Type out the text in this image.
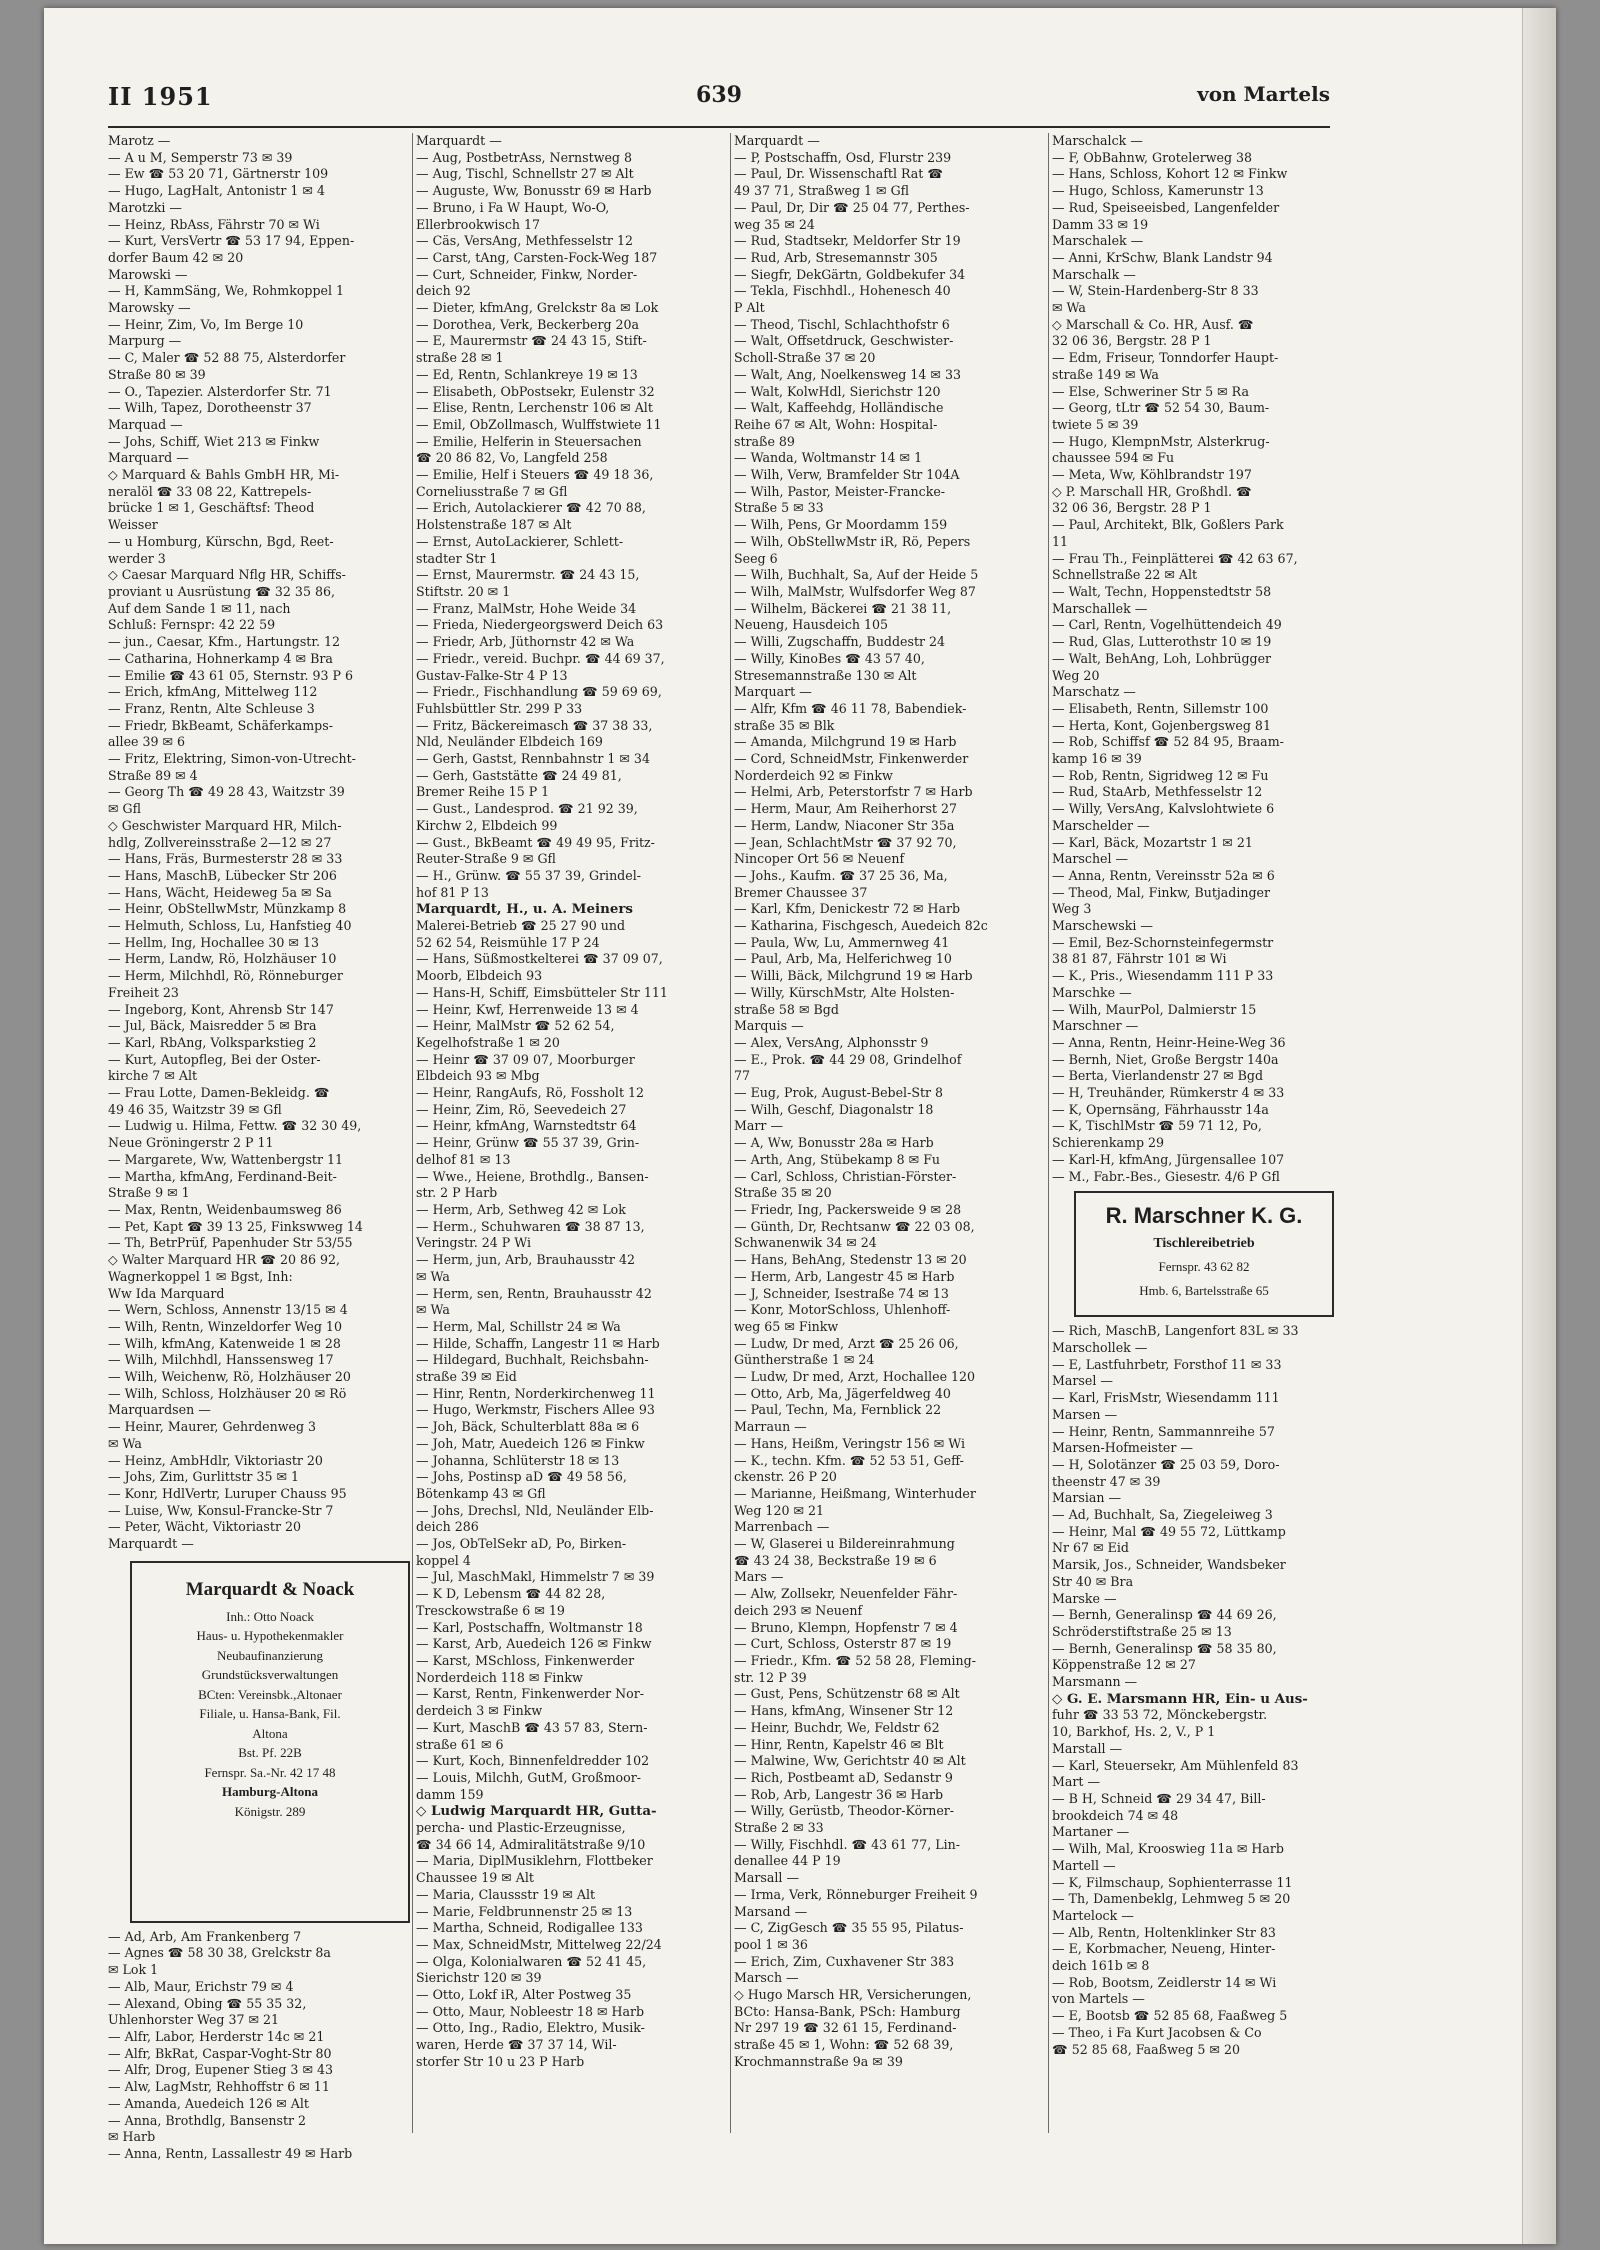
II 1951	639	von Martels
Marotz —
— A u M, Semperstr 73 ✉ 39
— Ew ☎ 53 20 71, Gärtnerstr 109
— Hugo, LagHalt, Antonistr 1 ✉ 4
Marotzki —
— Heinz, RbAss, Fährstr 70 ✉ Wi
— Kurt, VersVertr ☎ 53 17 94, Eppen-
dorfer Baum 42 ✉ 20
Marowski —
— H, KammSäng, We, Rohmkoppel 1
Marowsky —
— Heinr, Zim, Vo, Im Berge 10
Marpurg —
— C, Maler ☎ 52 88 75, Alsterdorfer
Straße 80 ✉ 39
— O., Tapezier. Alsterdorfer Str. 71
— Wilh, Tapez, Dorotheenstr 37
Marquad —
— Johs, Schiff, Wiet 213 ✉ Finkw
Marquard —
◇ Marquard & Bahls GmbH HR, Mi-
neralöl ☎ 33 08 22, Kattrepels-
brücke 1 ✉ 1, Geschäftsf: Theod
Weisser
— u Homburg, Kürschn, Bgd, Reet-
werder 3
◇ Caesar Marquard Nflg HR, Schiffs-
proviant u Ausrüstung ☎ 32 35 86,
Auf dem Sande 1 ✉ 11, nach
Schluß: Fernspr: 42 22 59
— jun., Caesar, Kfm., Hartungstr. 12
— Catharina, Hohnerkamp 4 ✉ Bra
— Emilie ☎ 43 61 05, Sternstr. 93 P 6
— Erich, kfmAng, Mittelweg 112
— Franz, Rentn, Alte Schleuse 3
— Friedr, BkBeamt, Schäferkamps-
allee 39 ✉ 6
— Fritz, Elektring, Simon-von-Utrecht-
Straße 89 ✉ 4
— Georg Th ☎ 49 28 43, Waitzstr 39
✉ Gfl
◇ Geschwister Marquard HR, Milch-
hdlg, Zollvereinsstraße 2—12 ✉ 27
— Hans, Fräs, Burmesterstr 28 ✉ 33
— Hans, MaschB, Lübecker Str 206
— Hans, Wächt, Heideweg 5a ✉ Sa
— Heinr, ObStellwMstr, Münzkamp 8
— Helmuth, Schloss, Lu, Hanfstieg 40
— Hellm, Ing, Hochallee 30 ✉ 13
— Herm, Landw, Rö, Holzhäuser 10
— Herm, Milchhdl, Rö, Rönneburger
Freiheit 23
— Ingeborg, Kont, Ahrensb Str 147
— Jul, Bäck, Maisredder 5 ✉ Bra
— Karl, RbAng, Volksparkstieg 2
— Kurt, Autopfleg, Bei der Oster-
kirche 7 ✉ Alt
— Frau Lotte, Damen-Bekleidg. ☎
49 46 35, Waitzstr 39 ✉ Gfl
— Ludwig u. Hilma, Fettw. ☎ 32 30 49,
Neue Gröningerstr 2 P 11
— Margarete, Ww, Wattenbergstr 11
— Martha, kfmAng, Ferdinand-Beit-
Straße 9 ✉ 1
— Max, Rentn, Weidenbaumsweg 86
— Pet, Kapt ☎ 39 13 25, Finkswweg 14
— Th, BetrPrüf, Papenhuder Str 53/55
◇ Walter Marquard HR ☎ 20 86 92,
Wagnerkoppel 1 ✉ Bgst, Inh:
Ww Ida Marquard
— Wern, Schloss, Annenstr 13/15 ✉ 4
— Wilh, Rentn, Winzeldorfer Weg 10
— Wilh, kfmAng, Katenweide 1 ✉ 28
— Wilh, Milchhdl, Hanssensweg 17
— Wilh, Weichenw, Rö, Holzhäuser 20
— Wilh, Schloss, Holzhäuser 20 ✉ Rö
Marquardsen —
— Heinr, Maurer, Gehrdenweg 3
✉ Wa
— Heinz, AmbHdlr, Viktoriastr 20
— Johs, Zim, Gurlittstr 35 ✉ 1
— Konr, HdlVertr, Luruper Chauss 95
— Luise, Ww, Konsul-Francke-Str 7
— Peter, Wächt, Viktoriastr 20
Marquardt —
Marquardt & Noack
Inh.: Otto Noack
Haus- u. Hypothekenmakler
Neubaufinanzierung
Grundstücksverwaltungen
BCten: Vereinsbk.,Altonaer
Filiale, u. Hansa-Bank, Fil.
Altona
Bst. Pf. 22B
Fernspr. Sa.-Nr. 42 17 48
Hamburg-Altona
Königstr. 289
— Ad, Arb, Am Frankenberg 7
— Agnes ☎ 58 30 38, Grelckstr 8a
✉ Lok 1
— Alb, Maur, Erichstr 79 ✉ 4
— Alexand, Obing ☎ 55 35 32,
Uhlenhorster Weg 37 ✉ 21
— Alfr, Labor, Herderstr 14c ✉ 21
— Alfr, BkRat, Caspar-Voght-Str 80
— Alfr, Drog, Eupener Stieg 3 ✉ 43
— Alw, LagMstr, Rehhoffstr 6 ✉ 11
— Amanda, Auedeich 126 ✉ Alt
— Anna, Brothdlg, Bansenstr 2
✉ Harb
— Anna, Rentn, Lassallestr 49 ✉ Harb
Marquardt —
— Aug, PostbetrAss, Nernstweg 8
— Aug, Tischl, Schnellstr 27 ✉ Alt
— Auguste, Ww, Bonusstr 69 ✉ Harb
— Bruno, i Fa W Haupt, Wo-O,
Ellerbrookwisch 17
— Cäs, VersAng, Methfesselstr 12
— Carst, tAng, Carsten-Fock-Weg 187
— Curt, Schneider, Finkw, Norder-
deich 92
— Dieter, kfmAng, Grelckstr 8a ✉ Lok
— Dorothea, Verk, Beckerberg 20a
— E, Maurermstr ☎ 24 43 15, Stift-
straße 28 ✉ 1
— Ed, Rentn, Schlankreye 19 ✉ 13
— Elisabeth, ObPostsekr, Eulenstr 32
— Elise, Rentn, Lerchenstr 106 ✉ Alt
— Emil, ObZollmasch, Wulffstwiete 11
— Emilie, Helferin in Steuersachen
☎ 20 86 82, Vo, Langfeld 258
— Emilie, Helf i Steuers ☎ 49 18 36,
Corneliusstraße 7 ✉ Gfl
— Erich, Autolackierer ☎ 42 70 88,
Holstenstraße 187 ✉ Alt
— Ernst, AutoLackierer, Schlett-
stadter Str 1
— Ernst, Maurermstr. ☎ 24 43 15,
Stiftstr. 20 ✉ 1
— Franz, MalMstr, Hohe Weide 34
— Frieda, Niedergeorgswerd Deich 63
— Friedr, Arb, Jüthornstr 42 ✉ Wa
— Friedr., vereid. Buchpr. ☎ 44 69 37,
Gustav-Falke-Str 4 P 13
— Friedr., Fischhandlung ☎ 59 69 69,
Fuhlsbüttler Str. 299 P 33
— Fritz, Bäckereimasch ☎ 37 38 33,
Nld, Neuländer Elbdeich 169
— Gerh, Gastst, Rennbahnstr 1 ✉ 34
— Gerh, Gaststätte ☎ 24 49 81,
Bremer Reihe 15 P 1
— Gust., Landesprod. ☎ 21 92 39,
Kirchw 2, Elbdeich 99
— Gust., BkBeamt ☎ 49 49 95, Fritz-
Reuter-Straße 9 ✉ Gfl
— H., Grünw. ☎ 55 37 39, Grindel-
hof 81 P 13
Marquardt, H., u. A. Meiners
Malerei-Betrieb ☎ 25 27 90 und
52 62 54, Reismühle 17 P 24
— Hans, Süßmostkelterei ☎ 37 09 07,
Moorb, Elbdeich 93
— Hans-H, Schiff, Eimsbütteler Str 111
— Heinr, Kwf, Herrenweide 13 ✉ 4
— Heinr, MalMstr ☎ 52 62 54,
Kegelhofstraße 1 ✉ 20
— Heinr ☎ 37 09 07, Moorburger
Elbdeich 93 ✉ Mbg
— Heinr, RangAufs, Rö, Fossholt 12
— Heinr, Zim, Rö, Seevedeich 27
— Heinr, kfmAng, Warnstedtstr 64
— Heinr, Grünw ☎ 55 37 39, Grin-
delhof 81 ✉ 13
— Wwe., Heiene, Brothdlg., Bansen-
str. 2 P Harb
— Herm, Arb, Sethweg 42 ✉ Lok
— Herm., Schuhwaren ☎ 38 87 13,
Veringstr. 24 P Wi
— Herm, jun, Arb, Brauhausstr 42
✉ Wa
— Herm, sen, Rentn, Brauhausstr 42
✉ Wa
— Herm, Mal, Schillstr 24 ✉ Wa
— Hilde, Schaffn, Langestr 11 ✉ Harb
— Hildegard, Buchhalt, Reichsbahn-
straße 39 ✉ Eid
— Hinr, Rentn, Norderkirchenweg 11
— Hugo, Werkmstr, Fischers Allee 93
— Joh, Bäck, Schulterblatt 88a ✉ 6
— Joh, Matr, Auedeich 126 ✉ Finkw
— Johanna, Schlüterstr 18 ✉ 13
— Johs, Postinsp aD ☎ 49 58 56,
Bötenkamp 43 ✉ Gfl
— Johs, Drechsl, Nld, Neuländer Elb-
deich 286
— Jos, ObTelSekr aD, Po, Birken-
koppel 4
— Jul, MaschMakl, Himmelstr 7 ✉ 39
— K D, Lebensm ☎ 44 82 28,
Tresckowstraße 6 ✉ 19
— Karl, Postschaffn, Woltmanstr 18
— Karst, Arb, Auedeich 126 ✉ Finkw
— Karst, MSchloss, Finkenwerder
Norderdeich 118 ✉ Finkw
— Karst, Rentn, Finkenwerder Nor-
derdeich 3 ✉ Finkw
— Kurt, MaschB ☎ 43 57 83, Stern-
straße 61 ✉ 6
— Kurt, Koch, Binnenfeldredder 102
— Louis, Milchh, GutM, Großmoor-
damm 159
◇ Ludwig Marquardt HR, Gutta-
percha- und Plastic-Erzeugnisse,
☎ 34 66 14, Admiralitätstraße 9/10
— Maria, DiplMusiklehrn, Flottbeker
Chaussee 19 ✉ Alt
— Maria, Claussstr 19 ✉ Alt
— Marie, Feldbrunnenstr 25 ✉ 13
— Martha, Schneid, Rodigallee 133
— Max, SchneidMstr, Mittelweg 22/24
— Olga, Kolonialwaren ☎ 52 41 45,
Sierichstr 120 ✉ 39
— Otto, Lokf iR, Alter Postweg 35
— Otto, Maur, Nobleestr 18 ✉ Harb
— Otto, Ing., Radio, Elektro, Musik-
waren, Herde ☎ 37 37 14, Wil-
storfer Str 10 u 23 P Harb
Marquardt —
— P, Postschaffn, Osd, Flurstr 239
— Paul, Dr. Wissenschaftl Rat ☎
49 37 71, Straßweg 1 ✉ Gfl
— Paul, Dr, Dir ☎ 25 04 77, Perthes-
weg 35 ✉ 24
— Rud, Stadtsekr, Meldorfer Str 19
— Rud, Arb, Stresemannstr 305
— Siegfr, DekGärtn, Goldbekufer 34
— Tekla, Fischhdl., Hohenesch 40
P Alt
— Theod, Tischl, Schlachthofstr 6
— Walt, Offsetdruck, Geschwister-
Scholl-Straße 37 ✉ 20
— Walt, Ang, Noelkensweg 14 ✉ 33
— Walt, KolwHdl, Sierichstr 120
— Walt, Kaffeehdg, Holländische
Reihe 67 ✉ Alt, Wohn: Hospital-
straße 89
— Wanda, Woltmanstr 14 ✉ 1
— Wilh, Verw, Bramfelder Str 104A
— Wilh, Pastor, Meister-Francke-
Straße 5 ✉ 33
— Wilh, Pens, Gr Moordamm 159
— Wilh, ObStellwMstr iR, Rö, Pepers
Seeg 6
— Wilh, Buchhalt, Sa, Auf der Heide 5
— Wilh, MalMstr, Wulfsdorfer Weg 87
— Wilhelm, Bäckerei ☎ 21 38 11,
Neueng, Hausdeich 105
— Willi, Zugschaffn, Buddestr 24
— Willy, KinoBes ☎ 43 57 40,
Stresemannstraße 130 ✉ Alt
Marquart —
— Alfr, Kfm ☎ 46 11 78, Babendiek-
straße 35 ✉ Blk
— Amanda, Milchgrund 19 ✉ Harb
— Cord, SchneidMstr, Finkenwerder
Norderdeich 92 ✉ Finkw
— Helmi, Arb, Peterstorfstr 7 ✉ Harb
— Herm, Maur, Am Reiherhorst 27
— Herm, Landw, Niaconer Str 35a
— Jean, SchlachtMstr ☎ 37 92 70,
Nincoper Ort 56 ✉ Neuenf
— Johs., Kaufm. ☎ 37 25 36, Ma,
Bremer Chaussee 37
— Karl, Kfm, Denickestr 72 ✉ Harb
— Katharina, Fischgesch, Auedeich 82c
— Paula, Ww, Lu, Ammernweg 41
— Paul, Arb, Ma, Helferichweg 10
— Willi, Bäck, Milchgrund 19 ✉ Harb
— Willy, KürschMstr, Alte Holsten-
straße 58 ✉ Bgd
Marquis —
— Alex, VersAng, Alphonsstr 9
— E., Prok. ☎ 44 29 08, Grindelhof
77
— Eug, Prok, August-Bebel-Str 8
— Wilh, Geschf, Diagonalstr 18
Marr —
— A, Ww, Bonusstr 28a ✉ Harb
— Arth, Ang, Stübekamp 8 ✉ Fu
— Carl, Schloss, Christian-Förster-
Straße 35 ✉ 20
— Friedr, Ing, Packersweide 9 ✉ 28
— Günth, Dr, Rechtsanw ☎ 22 03 08,
Schwanenwik 34 ✉ 24
— Hans, BehAng, Stedenstr 13 ✉ 20
— Herm, Arb, Langestr 45 ✉ Harb
— J, Schneider, Isestraße 74 ✉ 13
— Konr, MotorSchloss, Uhlenhoff-
weg 65 ✉ Finkw
— Ludw, Dr med, Arzt ☎ 25 26 06,
Güntherstraße 1 ✉ 24
— Ludw, Dr med, Arzt, Hochallee 120
— Otto, Arb, Ma, Jägerfeldweg 40
— Paul, Techn, Ma, Fernblick 22
Marraun —
— Hans, Heißm, Veringstr 156 ✉ Wi
— K., techn. Kfm. ☎ 52 53 51, Geff-
ckenstr. 26 P 20
— Marianne, Heißmang, Winterhuder
Weg 120 ✉ 21
Marrenbach —
— W, Glaserei u Bildereinrahmung
☎ 43 24 38, Beckstraße 19 ✉ 6
Mars —
— Alw, Zollsekr, Neuenfelder Fähr-
deich 293 ✉ Neuenf
— Bruno, Klempn, Hopfenstr 7 ✉ 4
— Curt, Schloss, Osterstr 87 ✉ 19
— Friedr., Kfm. ☎ 52 58 28, Fleming-
str. 12 P 39
— Gust, Pens, Schützenstr 68 ✉ Alt
— Hans, kfmAng, Winsener Str 12
— Heinr, Buchdr, We, Feldstr 62
— Hinr, Rentn, Kapelstr 46 ✉ Blt
— Malwine, Ww, Gerichtstr 40 ✉ Alt
— Rich, Postbeamt aD, Sedanstr 9
— Rob, Arb, Langestr 36 ✉ Harb
— Willy, Gerüstb, Theodor-Körner-
Straße 2 ✉ 33
— Willy, Fischhdl. ☎ 43 61 77, Lin-
denallee 44 P 19
Marsall —
— Irma, Verk, Rönneburger Freiheit 9
Marsand —
— C, ZigGesch ☎ 35 55 95, Pilatus-
pool 1 ✉ 36
— Erich, Zim, Cuxhavener Str 383
Marsch —
◇ Hugo Marsch HR, Versicherungen,
BCto: Hansa-Bank, PSch: Hamburg
Nr 297 19 ☎ 32 61 15, Ferdinand-
straße 45 ✉ 1, Wohn: ☎ 52 68 39,
Krochmannstraße 9a ✉ 39
Marschalck —
— F, ObBahnw, Grotelerweg 38
— Hans, Schloss, Kohort 12 ✉ Finkw
— Hugo, Schloss, Kamerunstr 13
— Rud, Speiseeisbed, Langenfelder
Damm 33 ✉ 19
Marschalek —
— Anni, KrSchw, Blank Landstr 94
Marschalk —
— W, Stein-Hardenberg-Str 8 33
✉ Wa
◇ Marschall & Co. HR, Ausf. ☎
32 06 36, Bergstr. 28 P 1
— Edm, Friseur, Tonndorfer Haupt-
straße 149 ✉ Wa
— Else, Schweriner Str 5 ✉ Ra
— Georg, tLtr ☎ 52 54 30, Baum-
twiete 5 ✉ 39
— Hugo, KlempnMstr, Alsterkrug-
chaussee 594 ✉ Fu
— Meta, Ww, Köhlbrandstr 197
◇ P. Marschall HR, Großhdl. ☎
32 06 36, Bergstr. 28 P 1
— Paul, Architekt, Blk, Goßlers Park
11
— Frau Th., Feinplätterei ☎ 42 63 67,
Schnellstraße 22 ✉ Alt
— Walt, Techn, Hoppenstedtstr 58
Marschallek —
— Carl, Rentn, Vogelhüttendeich 49
— Rud, Glas, Lutterothstr 10 ✉ 19
— Walt, BehAng, Loh, Lohbrügger
Weg 20
Marschatz —
— Elisabeth, Rentn, Sillemstr 100
— Herta, Kont, Gojenbergsweg 81
— Rob, Schiffsf ☎ 52 84 95, Braam-
kamp 16 ✉ 39
— Rob, Rentn, Sigridweg 12 ✉ Fu
— Rud, StaArb, Methfesselstr 12
— Willy, VersAng, Kalvslohtwiete 6
Marschelder —
— Karl, Bäck, Mozartstr 1 ✉ 21
Marschel —
— Anna, Rentn, Vereinsstr 52a ✉ 6
— Theod, Mal, Finkw, Butjadinger
Weg 3
Marschewski —
— Emil, Bez-Schornsteinfegermstr
38 81 87, Fährstr 101 ✉ Wi
— K., Pris., Wiesendamm 111 P 33
Marschke —
— Wilh, MaurPol, Dalmierstr 15
Marschner —
— Anna, Rentn, Heinr-Heine-Weg 36
— Bernh, Niet, Große Bergstr 140a
— Berta, Vierlandenstr 27 ✉ Bgd
— H, Treuhänder, Rümkerstr 4 ✉ 33
— K, Opernsäng, Fährhausstr 14a
— K, TischlMstr ☎ 59 71 12, Po,
Schierenkamp 29
— Karl-H, kfmAng, Jürgensallee 107
— M., Fabr.-Bes., Giesestr. 4/6 P Gfl
R. Marschner K. G.
Tischlereibetrieb
Fernspr. 43 62 82
Hmb. 6, Bartelsstraße 65
— Rich, MaschB, Langenfort 83L ✉ 33
Marschollek —
— E, Lastfuhrbetr, Forsthof 11 ✉ 33
Marsel —
— Karl, FrisMstr, Wiesendamm 111
Marsen —
— Heinr, Rentn, Sammannreihe 57
Marsen-Hofmeister —
— H, Solotänzer ☎ 25 03 59, Doro-
theenstr 47 ✉ 39
Marsian —
— Ad, Buchhalt, Sa, Ziegeleiweg 3
— Heinr, Mal ☎ 49 55 72, Lüttkamp
Nr 67 ✉ Eid
Marsik, Jos., Schneider, Wandsbeker
Str 40 ✉ Bra
Marske —
— Bernh, Generalinsp ☎ 44 69 26,
Schröderstiftstraße 25 ✉ 13
— Bernh, Generalinsp ☎ 58 35 80,
Köppenstraße 12 ✉ 27
Marsmann —
◇ G. E. Marsmann HR, Ein- u Aus-
fuhr ☎ 33 53 72, Mönckebergstr.
10, Barkhof, Hs. 2, V., P 1
Marstall —
— Karl, Steuersekr, Am Mühlenfeld 83
Mart —
— B H, Schneid ☎ 29 34 47, Bill-
brookdeich 74 ✉ 48
Martaner —
— Wilh, Mal, Krooswieg 11a ✉ Harb
Martell —
— K, Filmschaup, Sophienterrasse 11
— Th, Damenbeklg, Lehmweg 5 ✉ 20
Martelock —
— Alb, Rentn, Holtenklinker Str 83
— E, Korbmacher, Neueng, Hinter-
deich 161b ✉ 8
— Rob, Bootsm, Zeidlerstr 14 ✉ Wi
von Martels —
— E, Bootsb ☎ 52 85 68, Faaßweg 5
— Theo, i Fa Kurt Jacobsen & Co
☎ 52 85 68, Faaßweg 5 ✉ 20
